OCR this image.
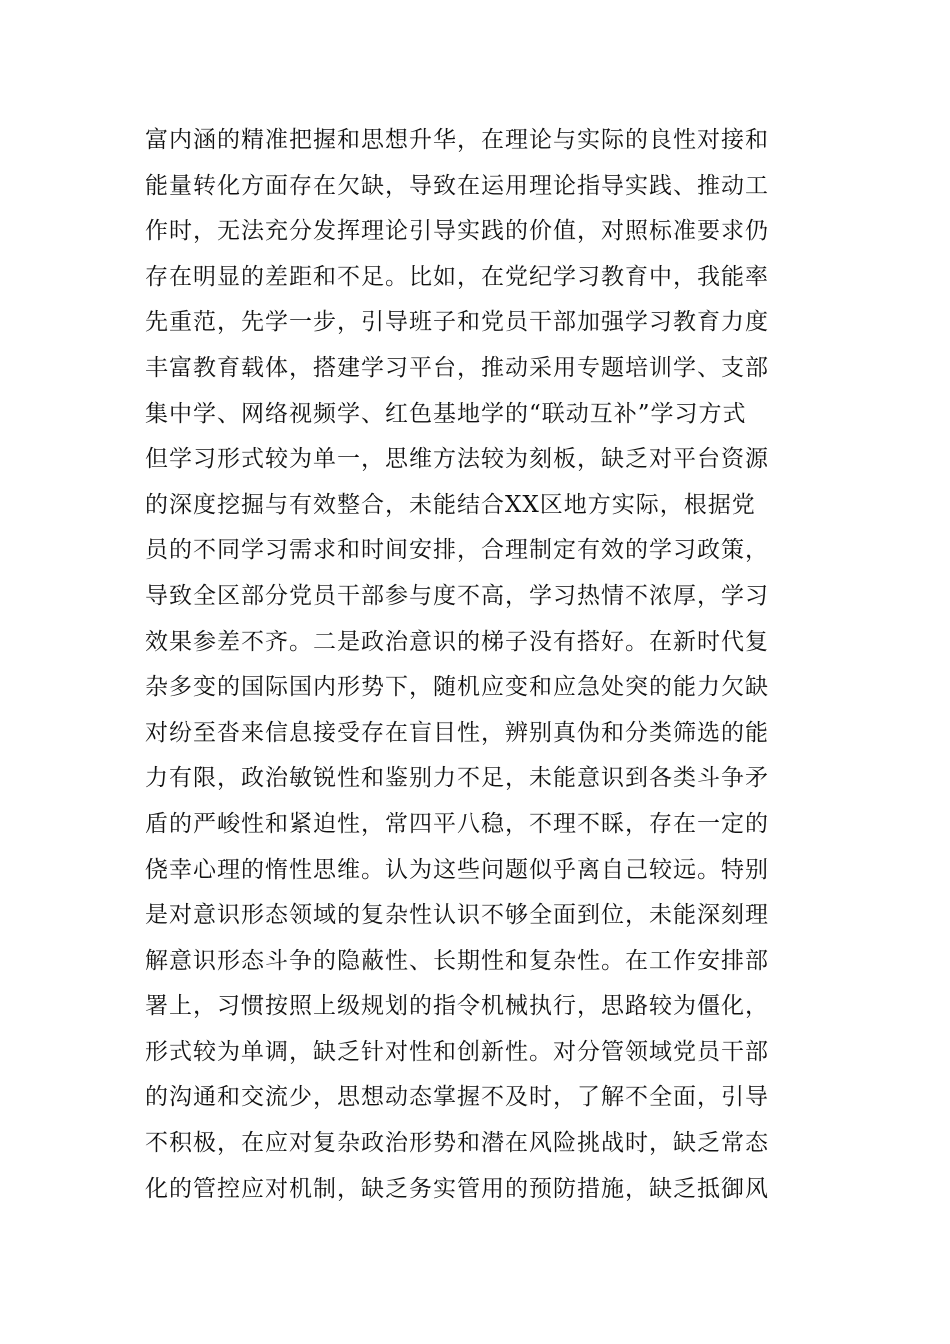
富内涵的精准把握和思想升华，在理论与实际的良性对接和
能量转化方面存在欠缺，导致在运用理论指导实践、推动工
作时，无法充分发挥理论引导实践的价值，对照标准要求仍
存在明显的差距和不足。比如，在党纪学习教育中，我能率
先重范，先学一步，引导班子和党员干部加强学习教育力度
丰富教育载体，搭建学习平台，推动采用专题培训学、支部
集中学、网络视频学、红色基地学的“联动互补”学习方式
但学习形式较为单一，思维方法较为刻板，缺乏对平台资源
的深度挖掘与有效整合，未能结合XX区地方实际，根据党
员的不同学习需求和时间安排，合理制定有效的学习政策，
导致全区部分党员干部参与度不高，学习热情不浓厚，学习
效果参差不齐。二是政治意识的梯子没有搭好。在新时代复
杂多变的国际国内形势下，随机应变和应急处突的能力欠缺
对纷至沓来信息接受存在盲目性，辨别真伪和分类筛选的能
力有限，政治敏锐性和鉴别力不足，未能意识到各类斗争矛
盾的严峻性和紧迫性，常四平八稳，不理不睬，存在一定的
侥幸心理的惰性思维。认为这些问题似乎离自己较远。特别
是对意识形态领域的复杂性认识不够全面到位，未能深刻理
解意识形态斗争的隐蔽性、长期性和复杂性。在工作安排部
署上，习惯按照上级规划的指令机械执行，思路较为僵化，
形式较为单调，缺乏针对性和创新性。对分管领域党员干部
的沟通和交流少，思想动态掌握不及时，了解不全面，引导
不积极，在应对复杂政治形势和潜在风险挑战时，缺乏常态
化的管控应对机制，缺乏务实管用的预防措施，缺乏抵御风
